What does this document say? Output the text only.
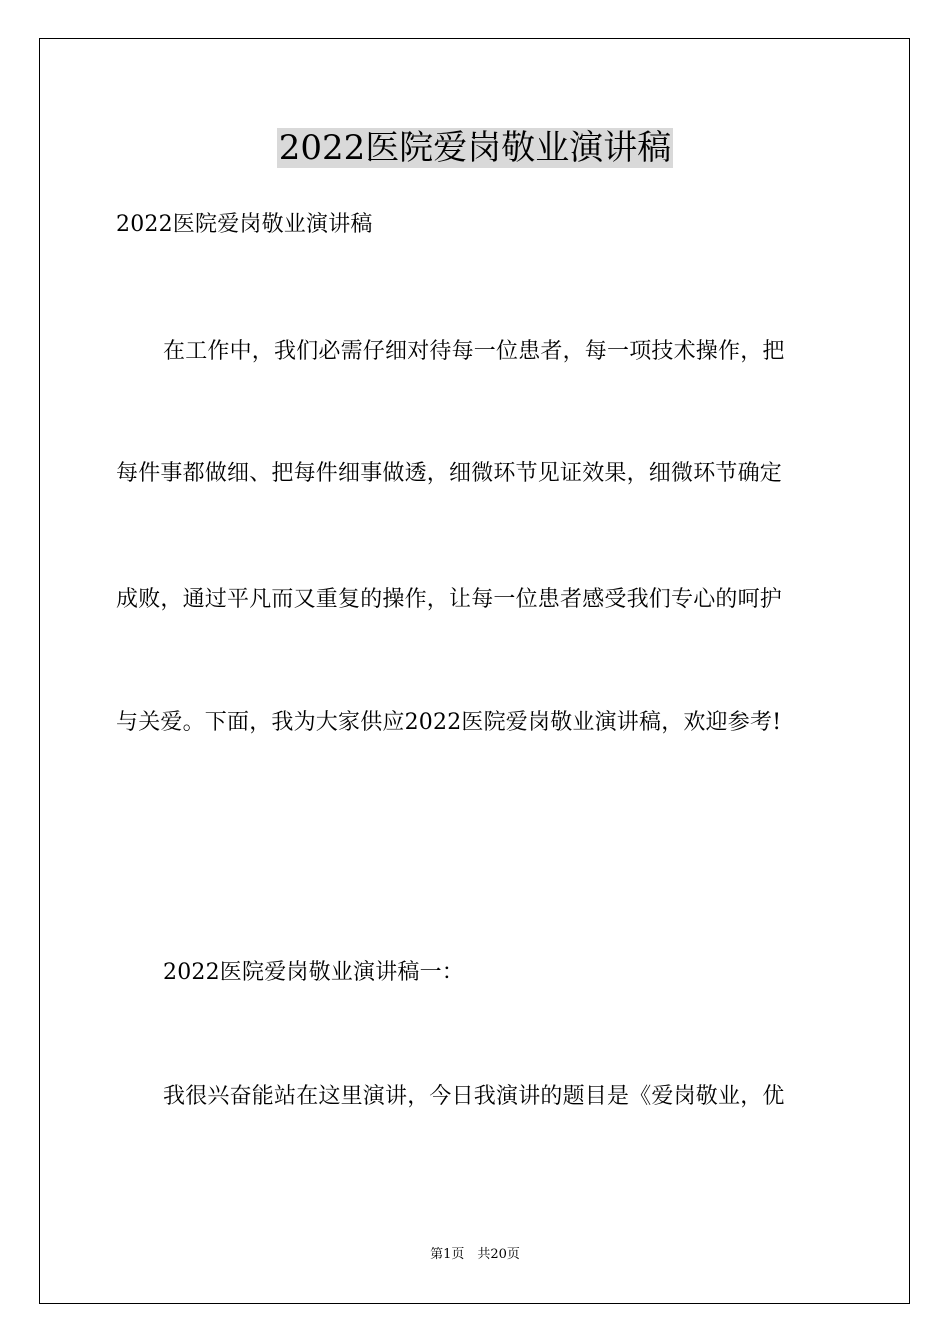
2022医院爱岗敬业演讲稿
2022医院爱岗敬业演讲稿
在工作中，我们必需仔细对待每一位患者，每一项技术操作，把
每件事都做细、把每件细事做透，细微环节见证效果，细微环节确定
成败，通过平凡而又重复的操作，让每一位患者感受我们专心的呵护
与关爱。下面，我为大家供应2022医院爱岗敬业演讲稿，欢迎参考!
2022医院爱岗敬业演讲稿一：
我很兴奋能站在这里演讲，今日我演讲的题目是《爱岗敬业，优
第1页　共20页
